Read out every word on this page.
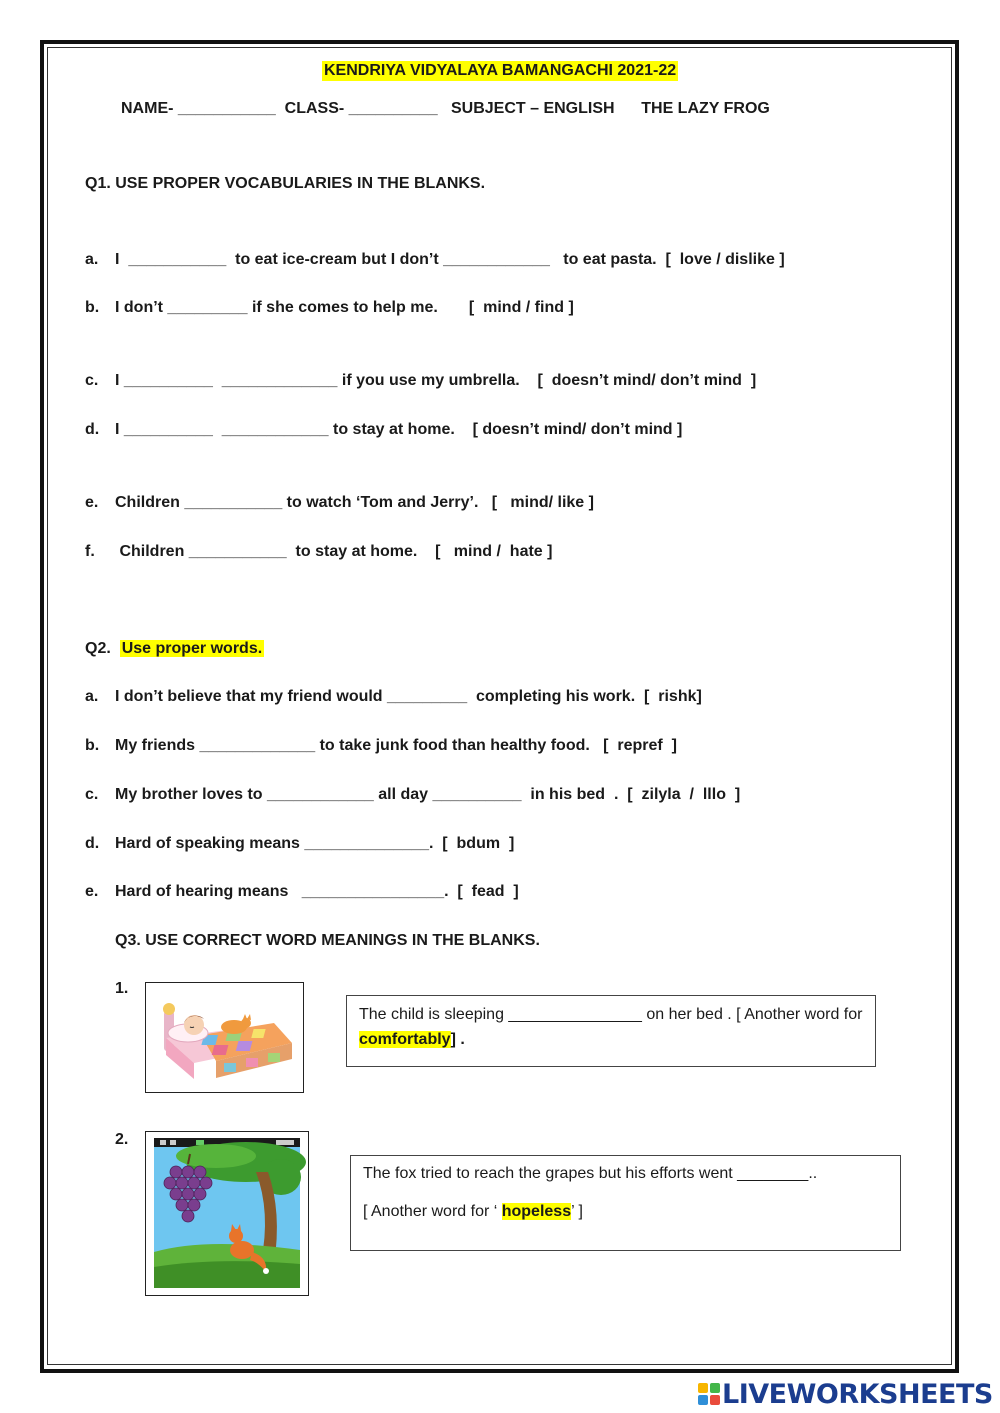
KENDRIYA VIDYALAYA BAMANGACHI 2021-22
NAME- ___________  CLASS- __________   SUBJECT – ENGLISH      THE LAZY FROG
Q1. USE PROPER VOCABULARIES IN THE BLANKS.
a. I  ___________  to eat ice-cream but I don’t ____________   to eat pasta.  [  love / dislike ]
b. I don’t _________ if she comes to help me.       [  mind / find ]
c. I __________  _____________ if you use my umbrella.    [  doesn’t mind/ don’t mind  ]
d. I __________  ____________ to stay at home.    [ doesn’t mind/ don’t mind ]
e. Children ___________ to watch ‘Tom and Jerry’.   [   mind/ like ]
f. Children ___________  to stay at home.    [   mind /  hate ]
Q2. Use proper words.
a. I don’t believe that my friend would _________  completing his work.  [  rishk]
b. My friends _____________ to take junk food than healthy food.   [  repref  ]
c. My brother loves to ____________ all day __________  in his bed  .  [  zilyla  /  lllo  ]
d. Hard of speaking means ______________.  [  bdum  ]
e. Hard of hearing means   ________________.  [  fead  ]
Q3. USE CORRECT WORD MEANINGS IN THE BLANKS.
1.
The child is sleeping _______________ on her bed . [ Another word for comfortably] .
2.
The fox tried to reach the grapes but his efforts went ________..
[ Another word for ‘ hopeless’ ]
LIVEWORKSHEETS
